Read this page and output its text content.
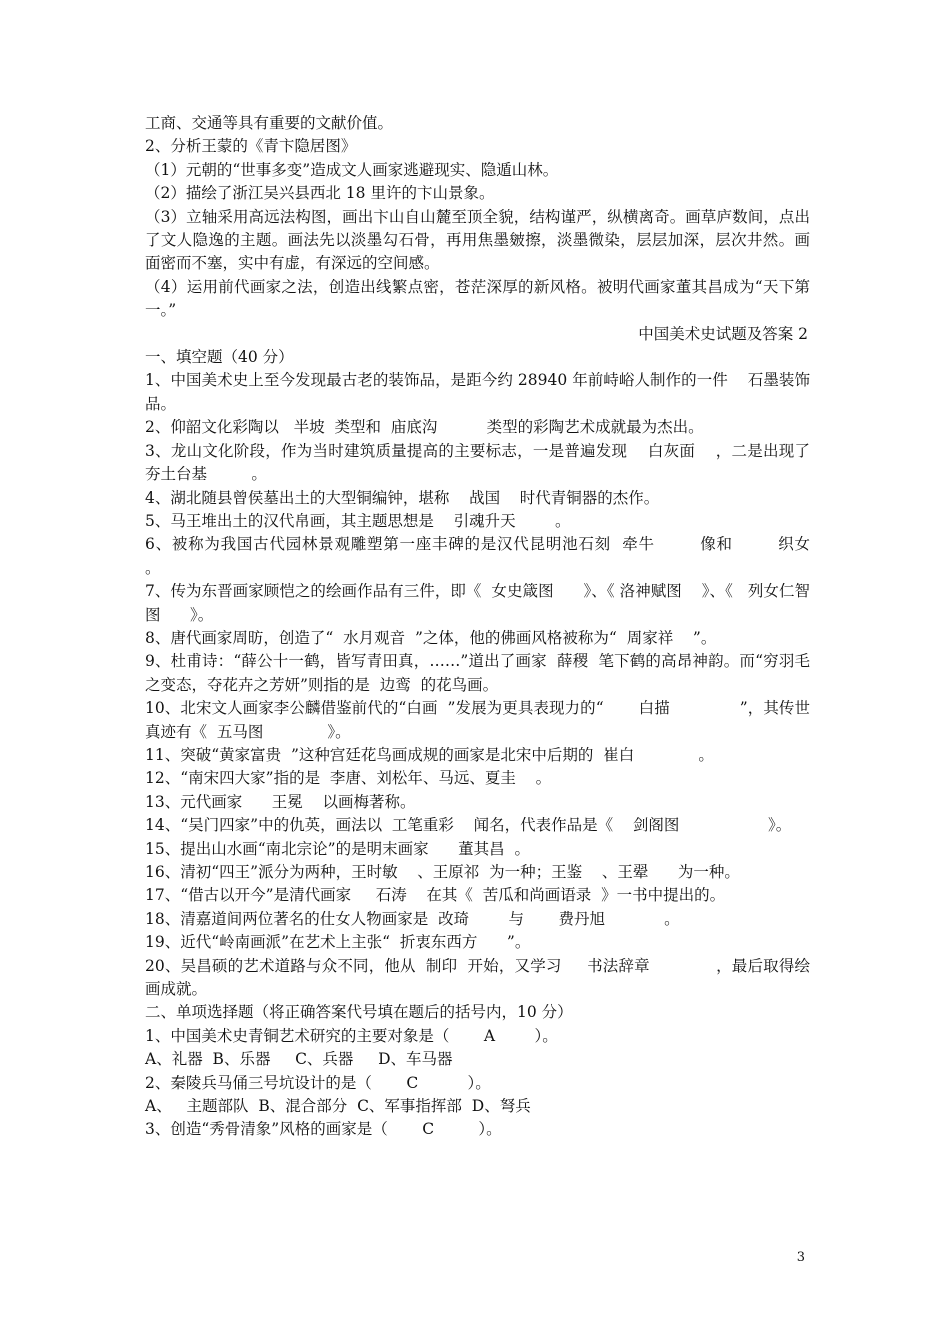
工商、交通等具有重要的文献价值。

2、分析王蒙的《青卞隐居图》

（1）元朝的“世事多变”造成文人画家逃避现实、隐遁山林。

（2）描绘了浙江吴兴县西北 18 里许的卞山景象。

（3）立轴采用高远法构图，画出卞山自山麓至顶全貌，结构谨严，纵横离奇。画草庐数间，点出了文人隐逸的主题。画法先以淡墨勾石骨，再用焦墨皴擦，淡墨微染，层层加深，层次井然。画面密而不塞，实中有虚，有深远的空间感。

（4）运用前代画家之法，创造出线繁点密，苍茫深厚的新风格。被明代画家董其昌成为“天下第一。”

中国美术史试题及答案 2

一、填空题（40 分）

1、中国美术史上至今发现最古老的装饰品，是距今约 28940 年前峙峪人制作的一件    石墨装饰品。

2、仰韶文化彩陶以   半坡  类型和  庙底沟          类型的彩陶艺术成就最为杰出。

3、龙山文化阶段，作为当时建筑质量提高的主要标志，一是普遍发现    白灰面    ，二是出现了 夯土台基         。

4、湖北随县曾侯墓出土的大型铜编钟，堪称    战国    时代青铜器的杰作。

5、马王堆出土的汉代帛画，其主题思想是    引魂升天        。

6、被称为我国古代园林景观雕塑第一座丰碑的是汉代昆明池石刻  牵牛        像和        织女        。

7、传为东晋画家顾恺之的绘画作品有三件，即《  女史箴图      》、《 洛神赋图    》、《   列女仁智图      》。

8、唐代画家周昉，创造了“  水月观音  ”之体，他的佛画风格被称为“  周家祥    ”。

9、杜甫诗：“薛公十一鹤，皆写青田真，……”道出了画家  薛稷  笔下鹤的高昂神韵。而“穷羽毛之变态，夺花卉之芳妍”则指的是  边鸾  的花鸟画。

10、北宋文人画家李公麟借鉴前代的“白画  ”发展为更具表现力的“       白描              ”，其传世真迹有《  五马图             》。

11、突破“黄家富贵  ”这种宫廷花鸟画成规的画家是北宋中后期的  崔白             。

12、“南宋四大家”指的是  李唐、刘松年、马远、夏圭    。

13、元代画家      王冕    以画梅著称。

14、“吴门四家”中的仇英，画法以  工笔重彩    闻名，代表作品是《    剑阁图                  》。

15、提出山水画“南北宗论”的是明末画家      董其昌  。

16、清初“四王”派分为两种，王时敏    、王原祁  为一种；王鉴    、王翚      为一种。

17、“借古以开今”是清代画家     石涛    在其《  苦瓜和尚画语录  》一书中提出的。

18、清嘉道间两位著名的仕女人物画家是  改琦        与       费丹旭            。

19、近代“岭南画派”在艺术上主张“  折衷东西方      ”。

20、吴昌硕的艺术道路与众不同，他从  制印  开始，又学习     书法辞章             ，最后取得绘画成就。

二、单项选择题（将正确答案代号填在题后的括号内，10 分）

1、中国美术史青铜艺术研究的主要对象是（       A        ）。

A、礼器  B、乐器     C、兵器     D、车马器

2、秦陵兵马俑三号坑设计的是（       C          ）。

A、   主题部队  B、混合部分  C、军事指挥部  D、弩兵

3、创造“秀骨清象”风格的画家是（       C         ）。

3
